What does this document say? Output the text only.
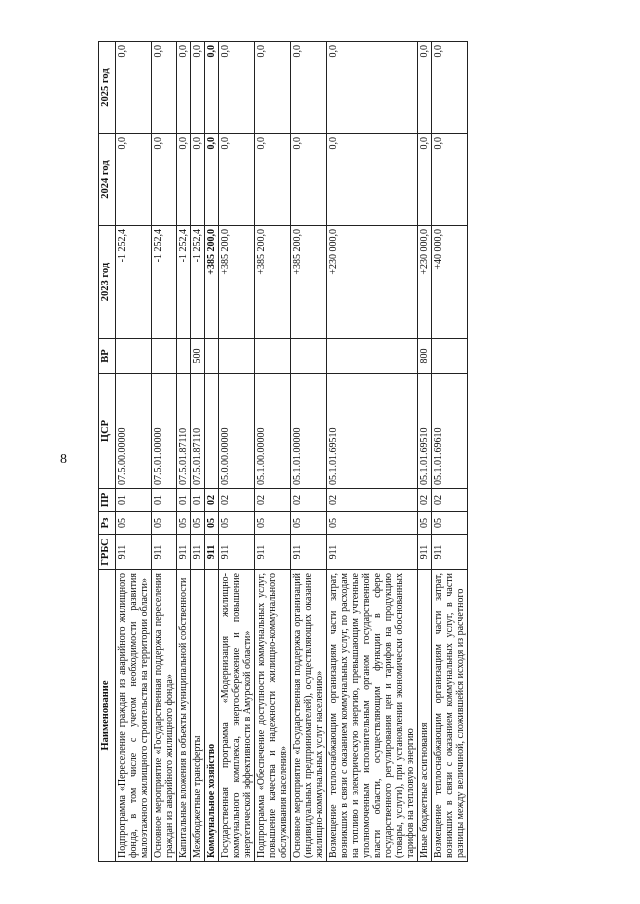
8
Наименование	ГРБС	Рз	ПР	ЦСР	ВР	2023 год	2024 год	2025 год
Подпрограмма «Переселение граждан из аварийного жилищного фонда, в том числе с учетом необходимости развития малоэтажного жилищного строительства на территории области»	911	05	01	07.5.00.00000		-1 252,4	0,0	0,0
Основное мероприятие «Государственная поддержка переселения граждан из аварийного жилищного фонда»	911	05	01	07.5.01.00000		-1 252,4	0,0	0,0
Капитальные вложения в объекты муниципальной собственности	911	05	01	07.5.01.87110		-1 252,4	0,0	0,0
Межбюджетные трансферты	911	05	01	07.5.01.87110	500	-1 252,4	0,0	0,0
Коммунальное хозяйство	911	05	02			+385 200,0	0,0	0,0
Государственная программа «Модернизация жилищно-коммунального комплекса, энергосбережение и повышение энергетической эффективности в Амурской области»	911	05	02	05.0.00.00000		+385 200,0	0,0	0,0
Подпрограмма «Обеспечение доступности коммунальных услуг, повышение качества и надежности жилищно-коммунального обслуживания населения»	911	05	02	05.1.00.00000		+385 200,0	0,0	0,0
Основное мероприятие «Государственная поддержка организаций (индивидуальных предпринимателей), осуществляющих оказание жилищно-коммунальных услуг населению»	911	05	02	05.1.01.00000		+385 200,0	0,0	0,0
Возмещение теплоснабжающим организациям части затрат, возникших в связи с оказанием коммунальных услуг, по расходам на топливо и электрическую энергию, превышающим учтенные уполномоченным исполнительным органом государственной власти области, осуществляющим функции в сфере государственного регулирования цен и тарифов на продукцию (товары, услуги), при установлении экономически обоснованных тарифов на тепловую энергию	911	05	02	05.1.01.69510		+230 000,0	0,0	0,0
Иные бюджетные ассигнования	911	05	02	05.1.01.69510	800	+230 000,0	0,0	0,0
Возмещение теплоснабжающим организациям части затрат, возникших в связи с оказанием коммунальных услуг, в части разницы между величиной, сложившейся исходя из расчетного	911	05	02	05.1.01.69610		+40 000,0	0,0	0,0
